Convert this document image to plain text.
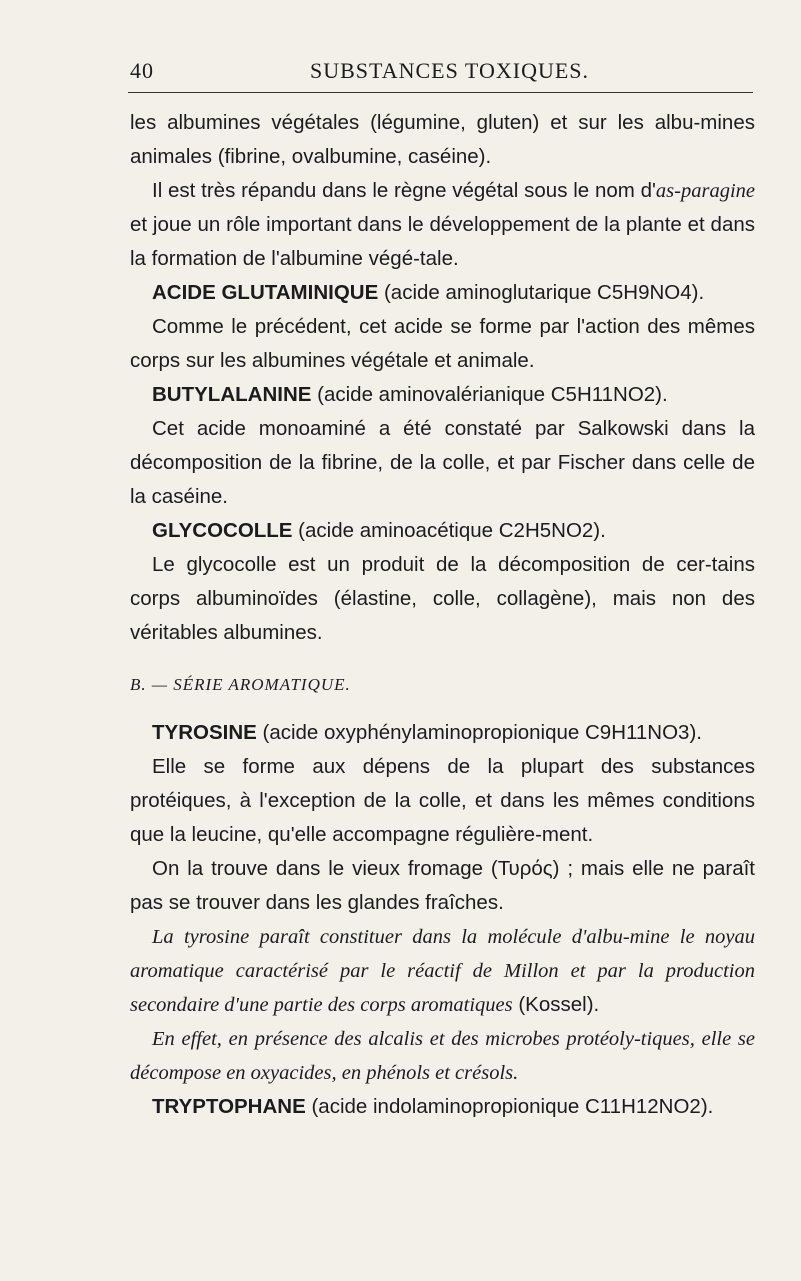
40	SUBSTANCES TOXIQUES.

les albumines végétales (légumine, gluten) et sur les albu-mines animales (fibrine, ovalbumine, caséine).

Il est très répandu dans le règne végétal sous le nom d'as-paragine et joue un rôle important dans le développement de la plante et dans la formation de l'albumine végé-tale.

ACIDE GLUTAMINIQUE (acide aminoglutarique C5H9NO4).

Comme le précédent, cet acide se forme par l'action des mêmes corps sur les albumines végétale et animale.

BUTYLALANINE (acide aminovalérianique C5H11NO2).

Cet acide monoaminé a été constaté par Salkowski dans la décomposition de la fibrine, de la colle, et par Fischer dans celle de la caséine.

GLYCOCOLLE (acide aminoacétique C2H5NO2).

Le glycocolle est un produit de la décomposition de cer-tains corps albuminoïdes (élastine, colle, collagène), mais non des véritables albumines.

B. — SÉRIE AROMATIQUE.

TYROSINE (acide oxyphénylaminopropionique C9H11NO3).

Elle se forme aux dépens de la plupart des substances protéiques, à l'exception de la colle, et dans les mêmes conditions que la leucine, qu'elle accompagne régulière-ment.

On la trouve dans le vieux fromage (Τυρός) ; mais elle ne paraît pas se trouver dans les glandes fraîches.

La tyrosine paraît constituer dans la molécule d'albu-mine le noyau aromatique caractérisé par le réactif de Millon et par la production secondaire d'une partie des corps aromatiques (Kossel).

En effet, en présence des alcalis et des microbes protéoly-tiques, elle se décompose en oxyacides, en phénols et crésols.

TRYPTOPHANE (acide indolaminopropionique C11H12NO2).
